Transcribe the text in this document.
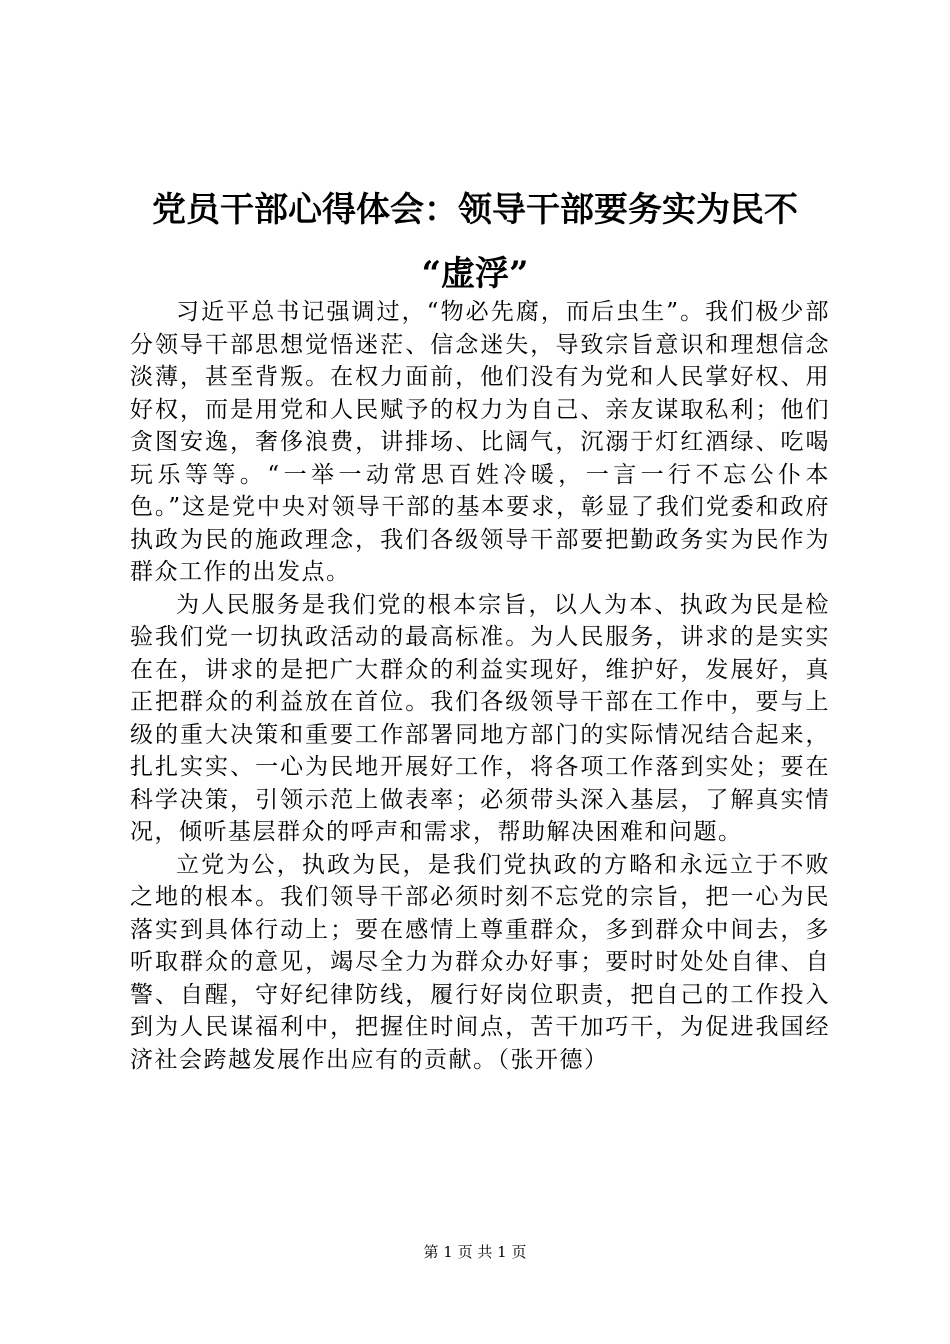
党员干部心得体会：领导干部要务实为民不
“虚浮”

习近平总书记强调过，“物必先腐，而后虫生”。我们极少部分领导干部思想觉悟迷茫、信念迷失，导致宗旨意识和理想信念淡薄，甚至背叛。在权力面前，他们没有为党和人民掌好权、用好权，而是用党和人民赋予的权力为自己、亲友谋取私利；他们贪图安逸，奢侈浪费，讲排场、比阔气，沉溺于灯红酒绿、吃喝玩乐等等。“一举一动常思百姓冷暖，一言一行不忘公仆本色。”这是党中央对领导干部的基本要求，彰显了我们党委和政府执政为民的施政理念，我们各级领导干部要把勤政务实为民作为群众工作的出发点。

为人民服务是我们党的根本宗旨，以人为本、执政为民是检验我们党一切执政活动的最高标准。为人民服务，讲求的是实实在在，讲求的是把广大群众的利益实现好，维护好，发展好，真正把群众的利益放在首位。我们各级领导干部在工作中，要与上级的重大决策和重要工作部署同地方部门的实际情况结合起来，扎扎实实、一心为民地开展好工作，将各项工作落到实处；要在科学决策，引领示范上做表率；必须带头深入基层，了解真实情况，倾听基层群众的呼声和需求，帮助解决困难和问题。

立党为公，执政为民，是我们党执政的方略和永远立于不败之地的根本。我们领导干部必须时刻不忘党的宗旨，把一心为民落实到具体行动上；要在感情上尊重群众，多到群众中间去，多听取群众的意见，竭尽全力为群众办好事；要时时处处自律、自警、自醒，守好纪律防线，履行好岗位职责，把自己的工作投入到为人民谋福利中，把握住时间点，苦干加巧干，为促进我国经济社会跨越发展作出应有的贡献。（张开德）

第 1 页 共 1 页
